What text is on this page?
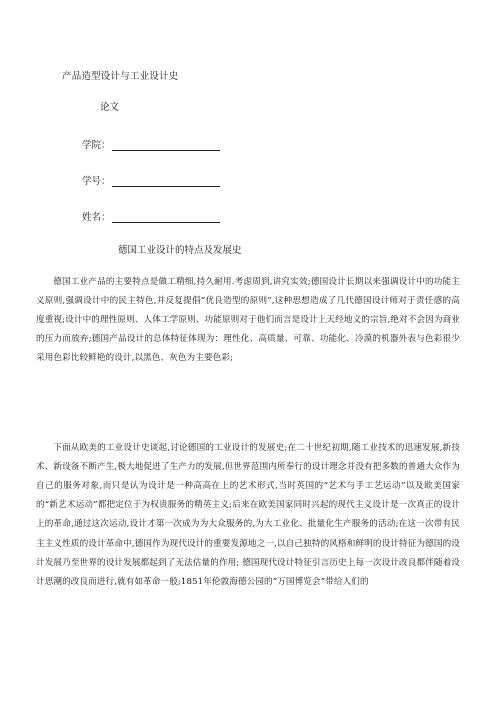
产品造型设计与工业设计史
论文
学院：
学号：
姓名：
德国工业设计的特点及发展史

德国工业产品的主要特点是做工精细,持久耐用.考虑周到,讲究实效;德国设计长期以来强调设计中的功能主义原则,强调设计中的民主特色,并反复提倡“优良造型的原则”,这种思想造成了几代德国设计师对于责任感的高度重视;设计中的理性原则、人体工学原则、功能原则对于他们而言是设计上天经地义的宗旨,绝对不会因为商业的压力而放弃;德国产品设计的总体特征体现为：理性化、高质量、可靠、功能化、冷漠的机器外表与色彩很少采用色彩比较鲜艳的设计,以黑色、灰色为主要色彩;

下面从欧美的工业设计史谈起,讨论德国的工业设计的发展史;在二十世纪初期,随工业技术的迅速发展,新技术、新设备不断产生,极大地促进了生产力的发展,但世界范围内所奉行的设计理念并没有把多数的普通大众作为自己的服务对象,而只是认为设计是一种高高在上的艺术形式,当时英国的“艺术与手工艺运动”以及欧美国家的“新艺术运动”都把定位于为权贵服务的精英主义;后来在欧美国家同时兴起的现代主义设计是一次真正的设计上的革命,通过这次运动,设计才第一次成为为大众服务的,为大工业化、批量化生产服务的活动;在这一次带有民主主义性质的设计革命中,德国作为现代设计的重要发源地之一,以自己独特的风格和鲜明的设计特征为德国的设计发展乃至世界的设计发展都起到了无法估量的作用; 德国现代设计特征引言历史上每一次设计改良都伴随着设计思潮的改良而进行,就有如革命一般;1851年伦敦海德公园的“万国博览会”带给人们的
